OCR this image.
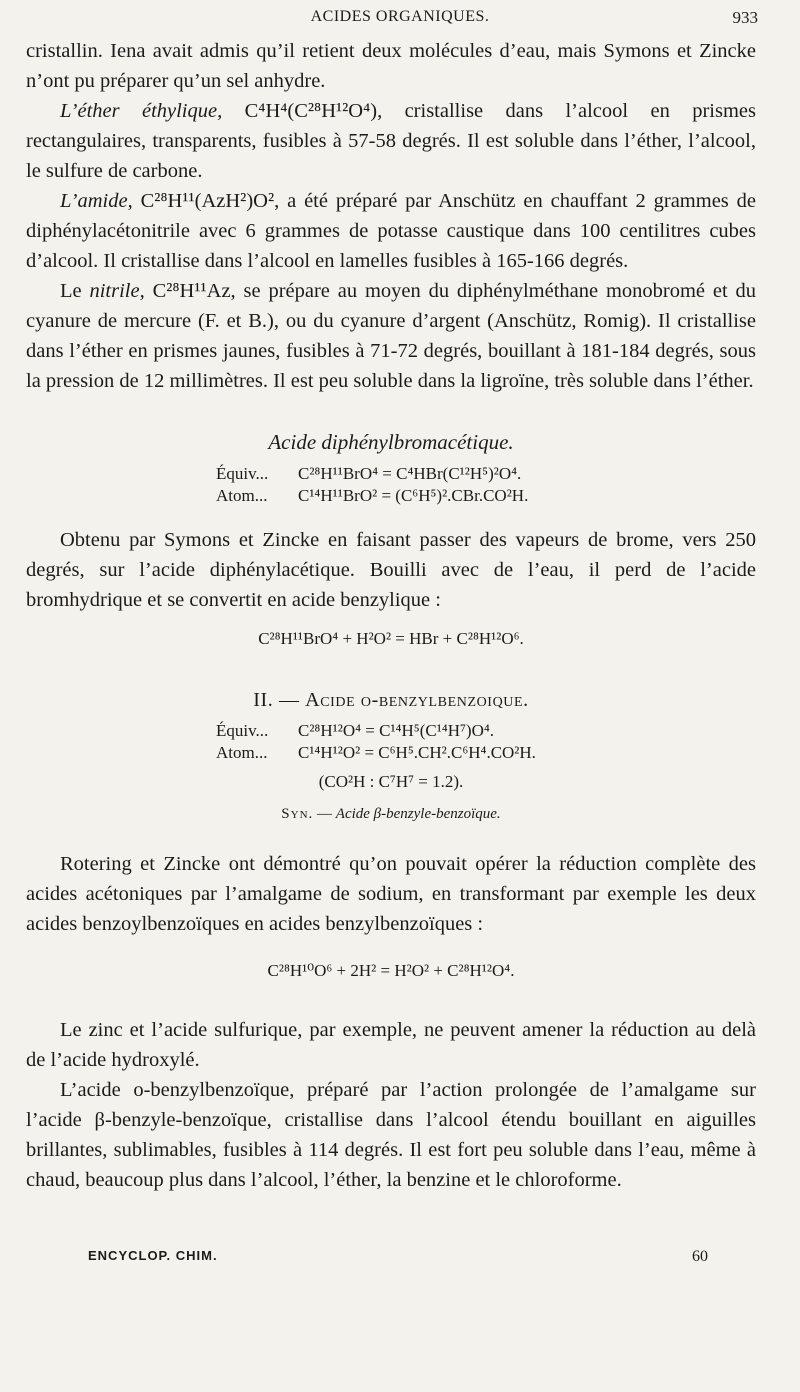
ACIDES ORGANIQUES.	933

cristallin. Iena avait admis qu’il retient deux molécules d’eau, mais Symons et Zincke n’ont pu préparer qu’un sel anhydre.

L’éther éthylique, C⁴H⁴(C²⁸H¹²O⁴), cristallise dans l’alcool en prismes rectangulaires, transparents, fusibles à 57-58 degrés. Il est soluble dans l’éther, l’alcool, le sulfure de carbone.

L’amide, C²⁸H¹¹(AzH²)O², a été préparé par Anschütz en chauffant 2 grammes de diphénylacétonitrile avec 6 grammes de potasse caustique dans 100 centilitres cubes d’alcool. Il cristallise dans l’alcool en lamelles fusibles à 165-166 degrés.

Le nitrile, C²⁸H¹¹Az, se prépare au moyen du diphénylméthane monobromé et du cyanure de mercure (F. et B.), ou du cyanure d’argent (Anschütz, Romig). Il cristallise dans l’éther en prismes jaunes, fusibles à 71-72 degrés, bouillant à 181-184 degrés, sous la pression de 12 millimètres. Il est peu soluble dans la ligroïne, très soluble dans l’éther.

Acide diphénylbromacétique.
Équiv... C²⁸H¹¹BrO⁴ = C⁴HBr(C¹²H⁵)²O⁴.
Atom... C¹⁴H¹¹BrO² = (C⁶H⁵)².CBr.CO²H.

Obtenu par Symons et Zincke en faisant passer des vapeurs de brome, vers 250 degrés, sur l’acide diphénylacétique. Bouilli avec de l’eau, il perd de l’acide bromhydrique et se convertit en acide benzylique :

C²⁸H¹¹BrO⁴ + H²O² = HBr + C²⁸H¹²O⁶.
II. — Acide o-benzylbenzoique.
Équiv... C²⁸H¹²O⁴ = C¹⁴H⁵(C¹⁴H⁷)O⁴.
Atom... C¹⁴H¹²O² = C⁶H⁵.CH².C⁶H⁴.CO²H.
(CO²H : C⁷H⁷ = 1.2).
Syn. — Acide β-benzyle-benzoïque.

Rotering et Zincke ont démontré qu’on pouvait opérer la réduction complète des acides acétoniques par l’amalgame de sodium, en transformant par exemple les deux acides benzoylbenzoïques en acides benzylbenzoïques :

C²⁸H¹⁰O⁶ + 2H² = H²O² + C²⁸H¹²O⁴.

Le zinc et l’acide sulfurique, par exemple, ne peuvent amener la réduction au delà de l’acide hydroxylé.

L’acide o-benzylbenzoïque, préparé par l’action prolongée de l’amalgame sur l’acide β-benzyle-benzoïque, cristallise dans l’alcool étendu bouillant en aiguilles brillantes, sublimables, fusibles à 114 degrés. Il est fort peu soluble dans l’eau, même à chaud, beaucoup plus dans l’alcool, l’éther, la benzine et le chloroforme.

ENCYCLOP. CHIM.	60
